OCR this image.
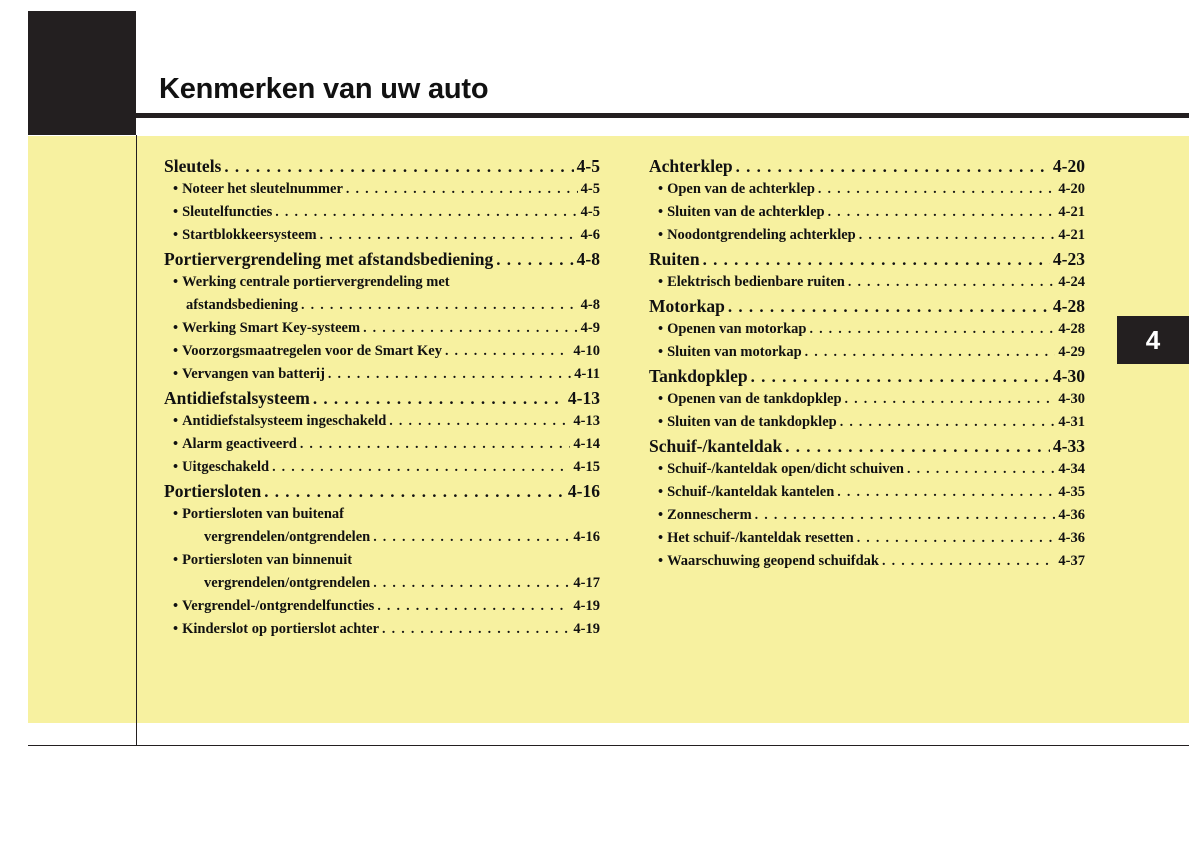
Kenmerken van uw auto
4
Sleutels . . .	4-5
• Noteer het sleutelnummer . . .	4-5
• Sleutelfuncties . . .	4-5
• Startblokkeersysteem . . .	4-6
Portiervergrendeling met afstandsbediening . . .	4-8
• Werking centrale portiervergrendeling met
afstandsbediening . . .	4-8
• Werking Smart Key-systeem . . .	4-9
• Voorzorgsmaatregelen voor de Smart Key . . .	4-10
• Vervangen van batterij . . .	4-11
Antidiefstalsysteem . . .	4-13
• Antidiefstalsysteem ingeschakeld . . .	4-13
• Alarm geactiveerd . . .	4-14
• Uitgeschakeld . . .	4-15
Portiersloten . . .	4-16
• Portiersloten van buitenaf
vergrendelen/ontgrendelen . . .	4-16
• Portiersloten van binnenuit
vergrendelen/ontgrendelen . . .	4-17
• Vergrendel-/ontgrendelfuncties . . .	4-19
• Kinderslot op portierslot achter . . .	4-19
Achterklep . . .	4-20
• Open van de achterklep . . .	4-20
• Sluiten van de achterklep . . .	4-21
• Noodontgrendeling achterklep . . .	4-21
Ruiten . . .	4-23
• Elektrisch bedienbare ruiten . . .	4-24
Motorkap . . .	4-28
• Openen van motorkap . . .	4-28
• Sluiten van motorkap . . .	4-29
Tankdopklep . . .	4-30
• Openen van de tankdopklep . . .	4-30
• Sluiten van de tankdopklep . . .	4-31
Schuif-/kanteldak . . .	4-33
• Schuif-/kanteldak open/dicht schuiven . . .	4-34
• Schuif-/kanteldak kantelen . . .	4-35
• Zonnescherm . . .	4-36
• Het schuif-/kanteldak resetten . . .	4-36
• Waarschuwing geopend schuifdak . . .	4-37
